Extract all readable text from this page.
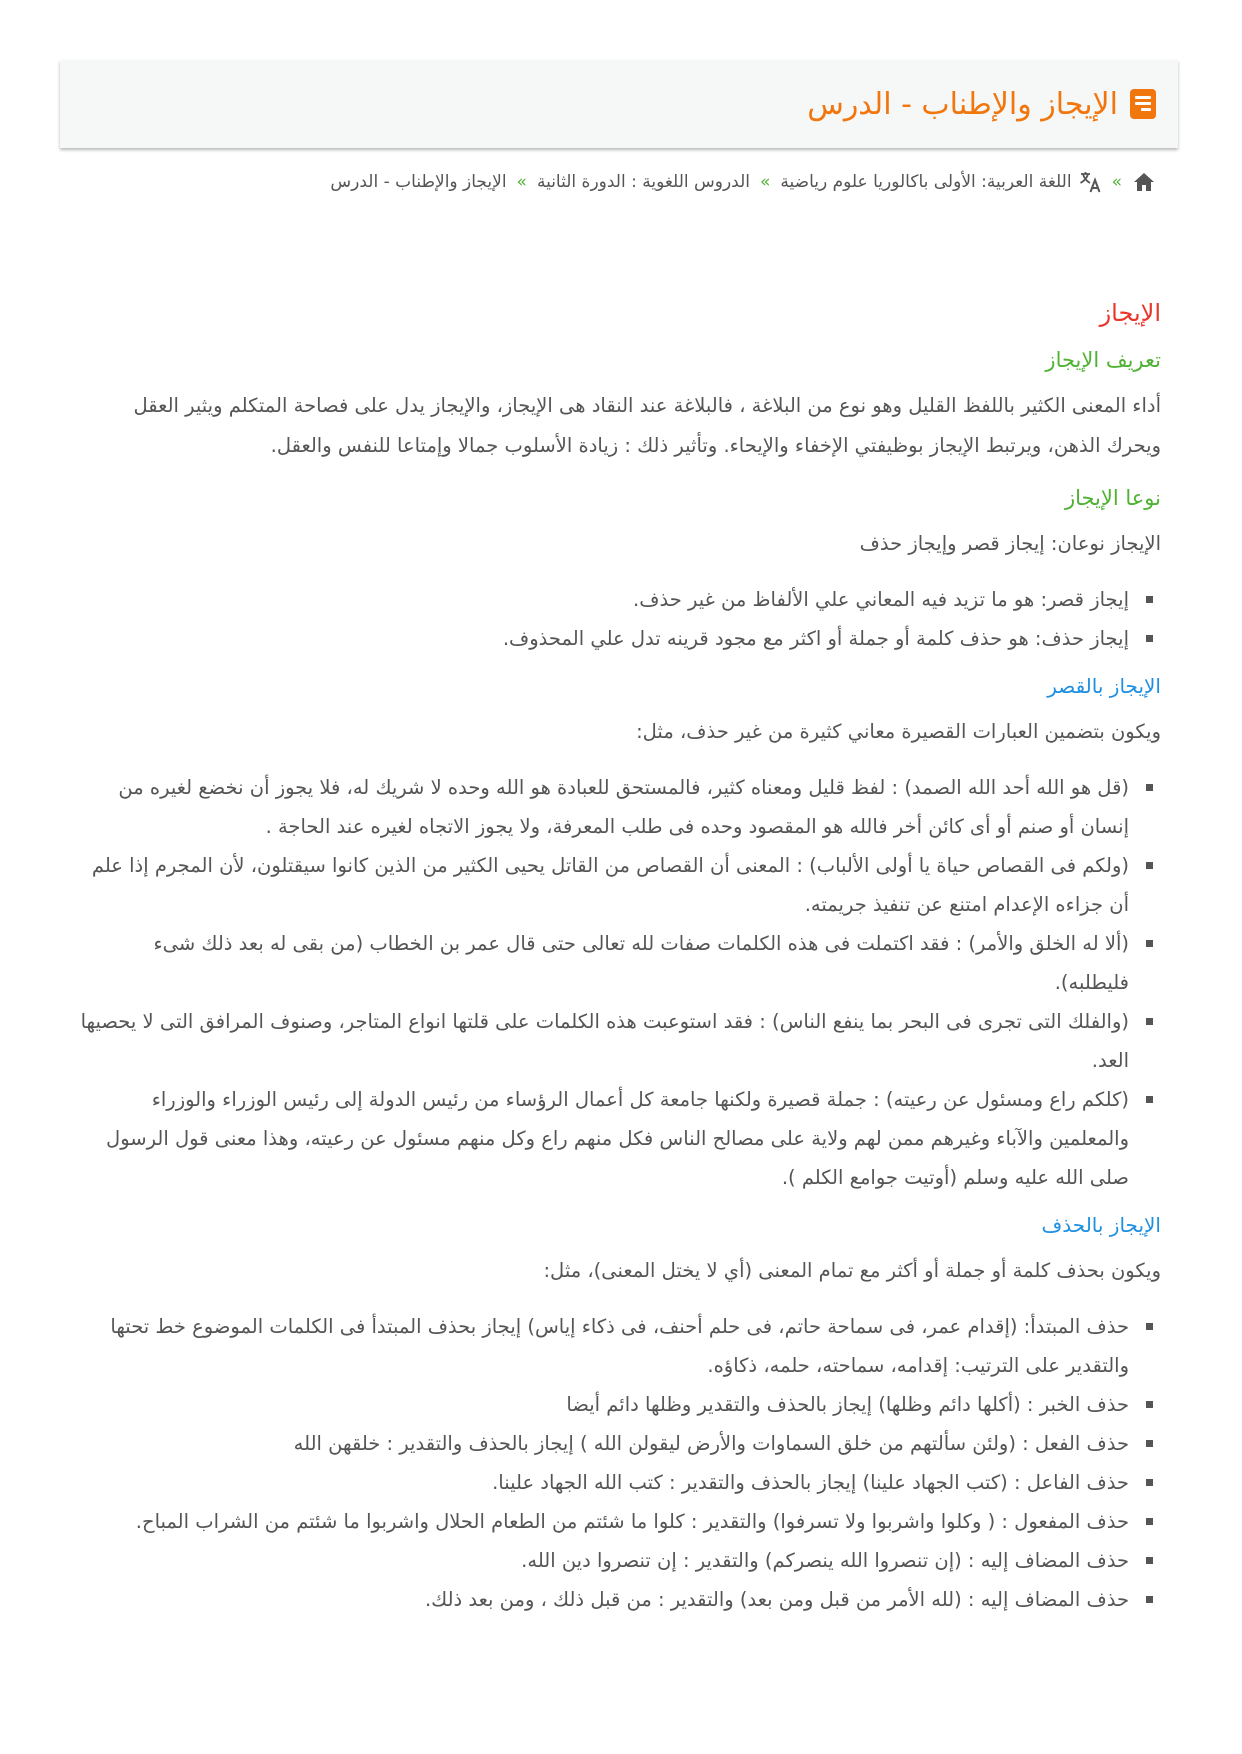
الإيجاز والإطناب - الدرس
»
اللغة العربية: الأولى باكالوريا علوم رياضية
»
الدروس اللغوية : الدورة الثانية
»
الإيجاز والإطناب - الدرس
الإيجاز
تعريف الإيجاز

أداء المعنى الكثير باللفظ القليل وهو نوع من البلاغة ، فالبلاغة عند النقاد هى الإيجاز، والإيجاز يدل على فصاحة المتكلم ويثير العقل ويحرك الذهن، ويرتبط الإيجاز بوظيفتي الإخفاء والإيحاء. وتأثير ذلك : زيادة الأسلوب جمالا وإمتاعا للنفس والعقل.

نوعا الإيجاز

الإيجاز نوعان: إيجاز قصر وإيجاز حذف

إيجاز قصر: هو ما تزيد فيه المعاني علي الألفاظ من غير حذف.
إيجاز حذف: هو حذف كلمة أو جملة أو اكثر مع مجود قرينه تدل علي المحذوف.
الإيجاز بالقصر

ويكون بتضمين العبارات القصيرة معاني كثيرة من غير حذف، مثل:

(قل هو الله أحد الله الصمد) : لفظ قليل ومعناه كثير، فالمستحق للعبادة هو الله وحده لا شريك له، فلا يجوز أن نخضع لغيره من إنسان أو صنم أو أى كائن أخر فالله هو المقصود وحده فى طلب المعرفة، ولا يجوز الاتجاه لغيره عند الحاجة .
(ولكم فى القصاص حياة يا أولى الألباب) : المعنى أن القصاص من القاتل يحيى الكثير من الذين كانوا سيقتلون، لأن المجرم إذا علم أن جزاءه الإعدام امتنع عن تنفيذ جريمته.
(ألا له الخلق والأمر) : فقد اكتملت فى هذه الكلمات صفات لله تعالى حتى قال عمر بن الخطاب (من بقى له بعد ذلك شىء فليطلبه).
(والفلك التى تجرى فى البحر بما ينفع الناس) : فقد استوعبت هذه الكلمات على قلتها انواع المتاجر، وصنوف المرافق التى لا يحصيها العد.
(كلكم راع ومسئول عن رعيته) : جملة قصيرة ولكنها جامعة كل أعمال الرؤساء من رئيس الدولة إلى رئيس الوزراء والوزراء والمعلمين والآباء وغيرهم ممن لهم ولاية على مصالح الناس فكل منهم راع وكل منهم مسئول عن رعيته، وهذا معنى قول الرسول صلى الله عليه وسلم (أوتيت جوامع الكلم ).
الإيجاز بالحذف

ويكون بحذف كلمة أو جملة أو أكثر مع تمام المعنى (أي لا يختل المعنى)، مثل:

حذف المبتدأ: (إقدام عمر، فى سماحة حاتم، فى حلم أحنف، فى ذكاء إياس) إيجاز بحذف المبتدأ فى الكلمات الموضوع خط تحتها والتقدير على الترتيب: إقدامه، سماحته، حلمه، ذكاؤه.
حذف الخبر : (أكلها دائم وظلها) إيجاز بالحذف والتقدير وظلها دائم أيضا
حذف الفعل : (ولئن سألتهم من خلق السماوات والأرض ليقولن الله ) إيجاز بالحذف والتقدير : خلقهن الله
حذف الفاعل : (كتب الجهاد علينا) إيجاز بالحذف والتقدير : كتب الله الجهاد علينا.
حذف المفعول : ( وكلوا واشربوا ولا تسرفوا) والتقدير : كلوا ما شئتم من الطعام الحلال واشربوا ما شئتم من الشراب المباح.
حذف المضاف إليه : (إن تنصروا الله ينصركم) والتقدير : إن تنصروا دين الله.
حذف المضاف إليه : (لله الأمر من قبل ومن بعد) والتقدير : من قبل ذلك ، ومن بعد ذلك.
